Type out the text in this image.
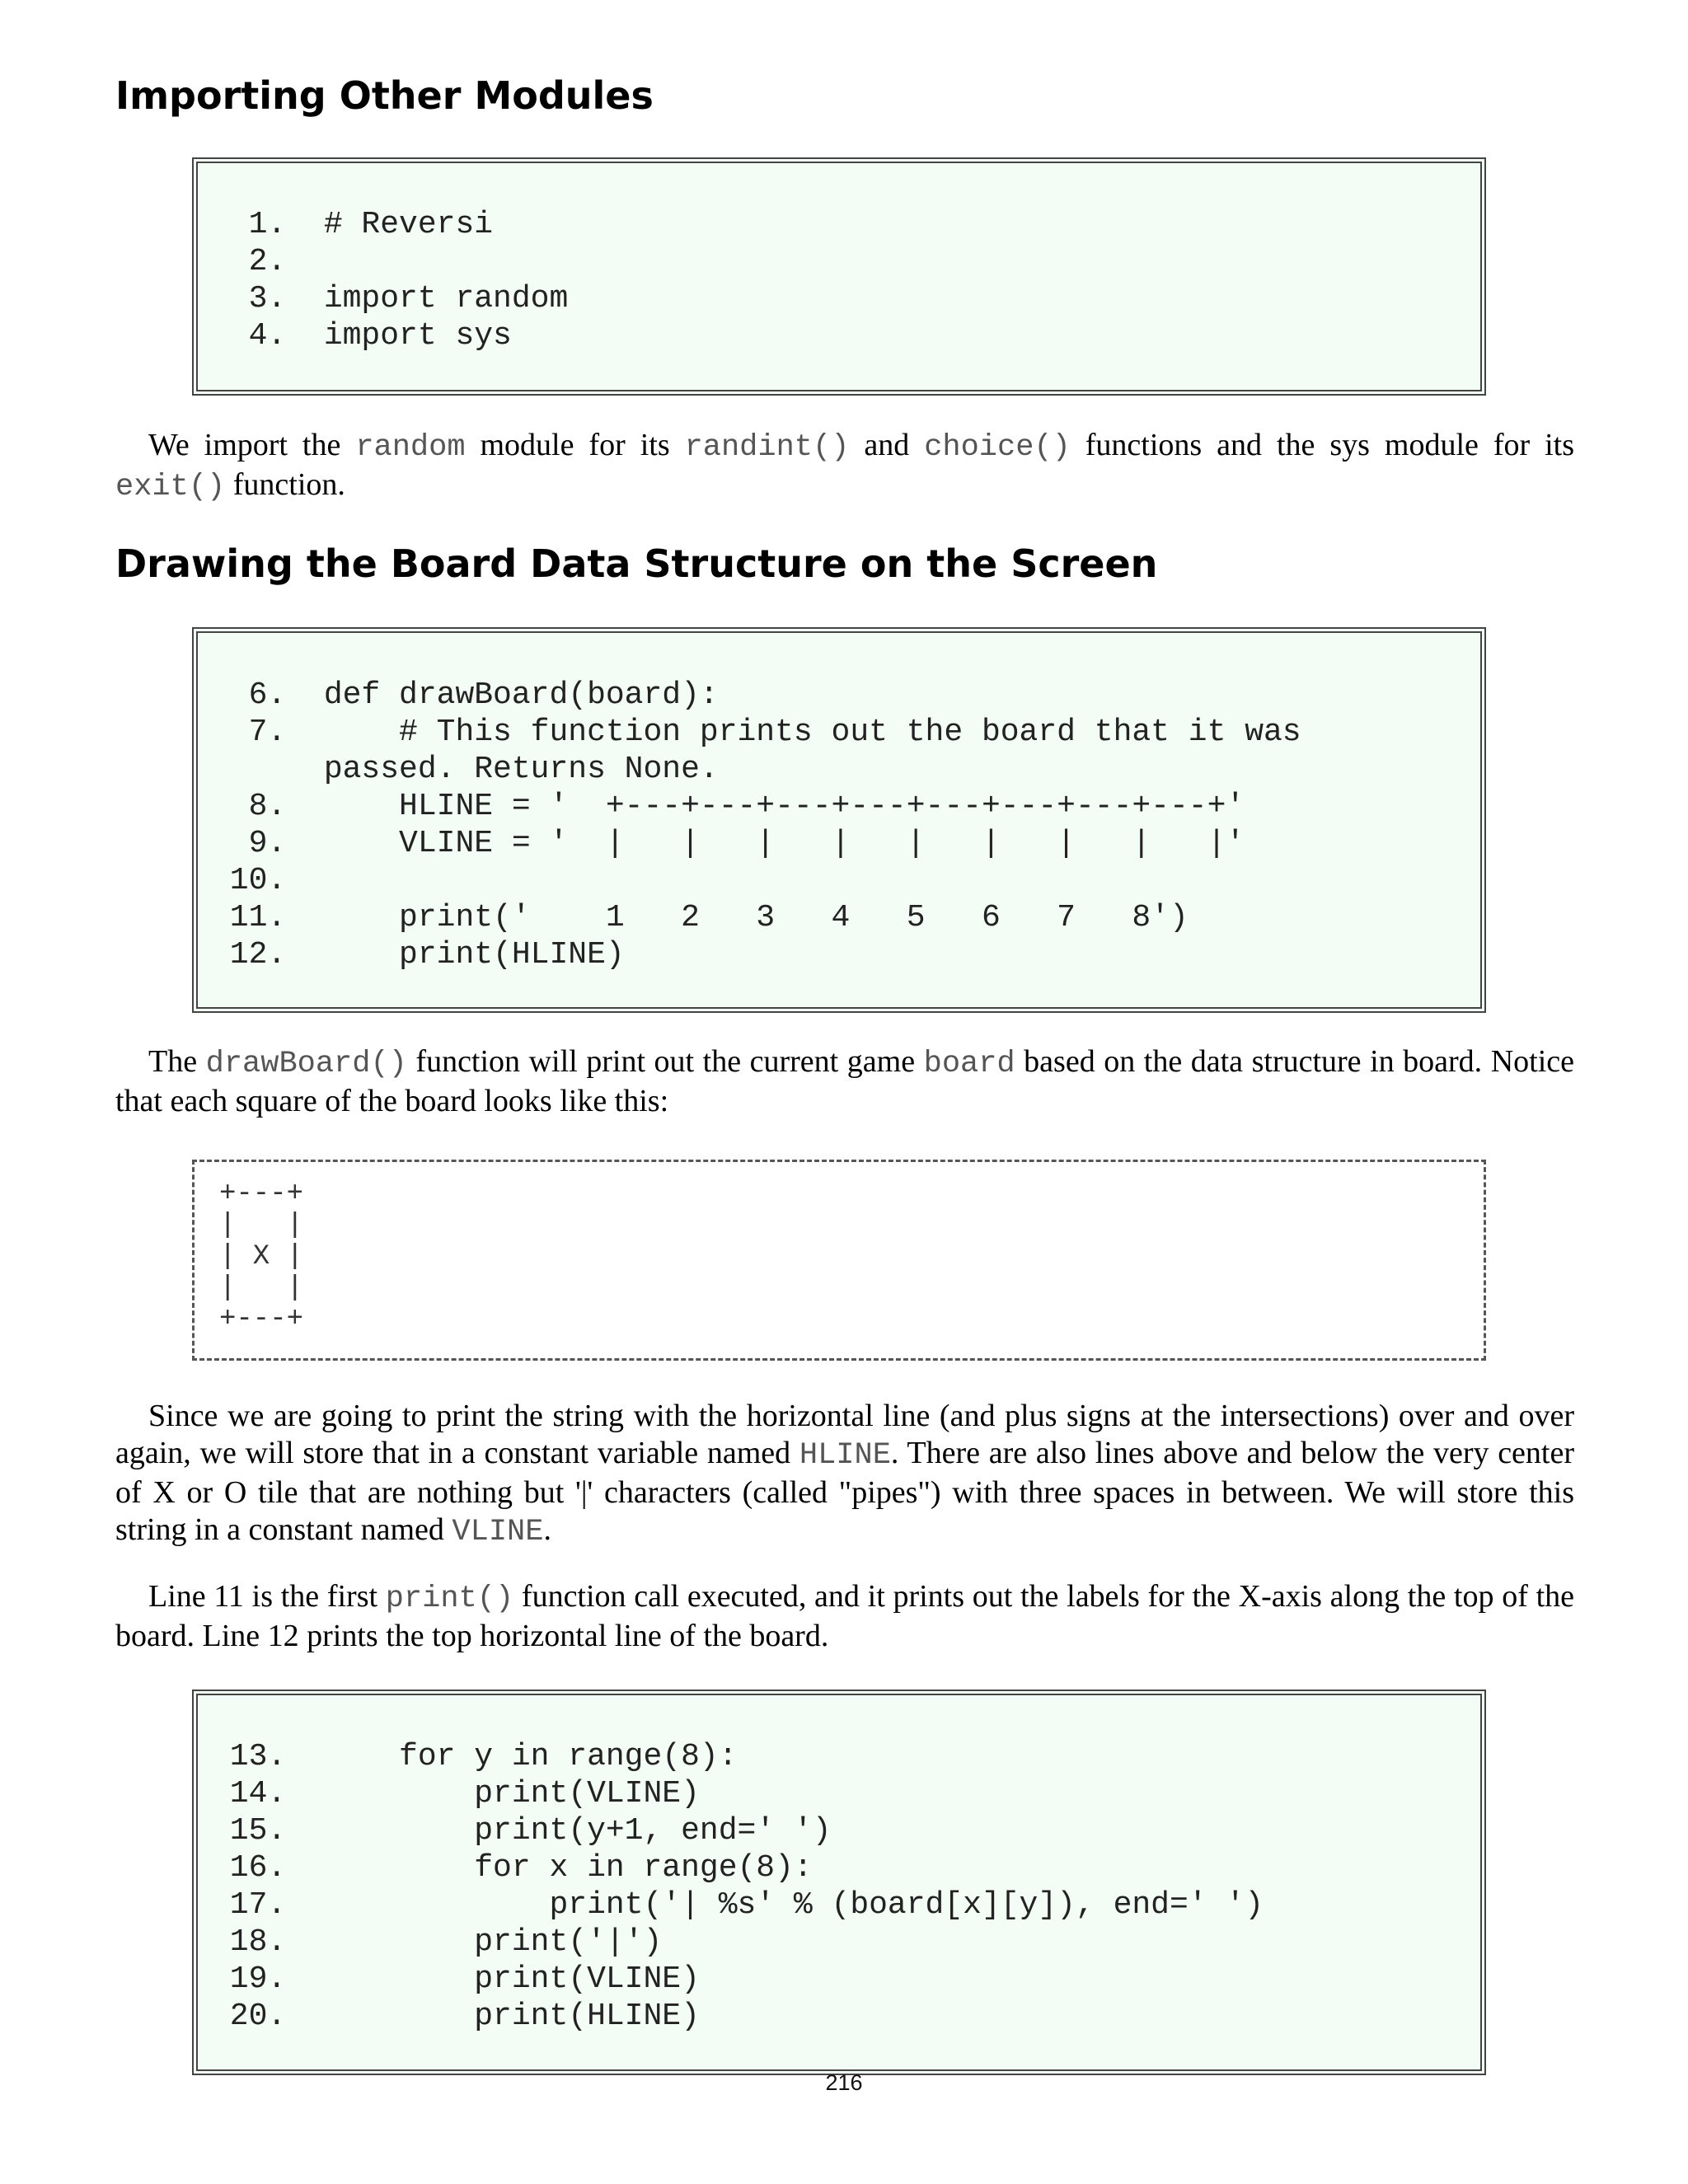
Importing Other Modules
1.  # Reversi
2.
3.  import random
4.  import sys

We import the random module for its randint() and choice() functions and the sys module for its exit() function.

Drawing the Board Data Structure on the Screen
6.  def drawBoard(board):
7.      # This function prints out the board that it was
passed. Returns None.
8.      HLINE = '  +---+---+---+---+---+---+---+---+'
9.      VLINE = '  |   |   |   |   |   |   |   |   |'
10.
11.      print('    1   2   3   4   5   6   7   8')
12.      print(HLINE)

The drawBoard() function will print out the current game board based on the data structure in board. Notice that each square of the board looks like this:

+---+
|   |
| X |
|   |
+---+

Since we are going to print the string with the horizontal line (and plus signs at the intersections) over and over again, we will store that in a constant variable named HLINE. There are also lines above and below the very center of X or O tile that are nothing but '|' characters (called "pipes") with three spaces in between. We will store this string in a constant named VLINE.

Line 11 is the first print() function call executed, and it prints out the labels for the X-axis along the top of the board. Line 12 prints the top horizontal line of the board.

13.      for y in range(8):
14.          print(VLINE)
15.          print(y+1, end=' ')
16.          for x in range(8):
17.              print('| %s' % (board[x][y]), end=' ')
18.          print('|')
19.          print(VLINE)
20.          print(HLINE)
216
